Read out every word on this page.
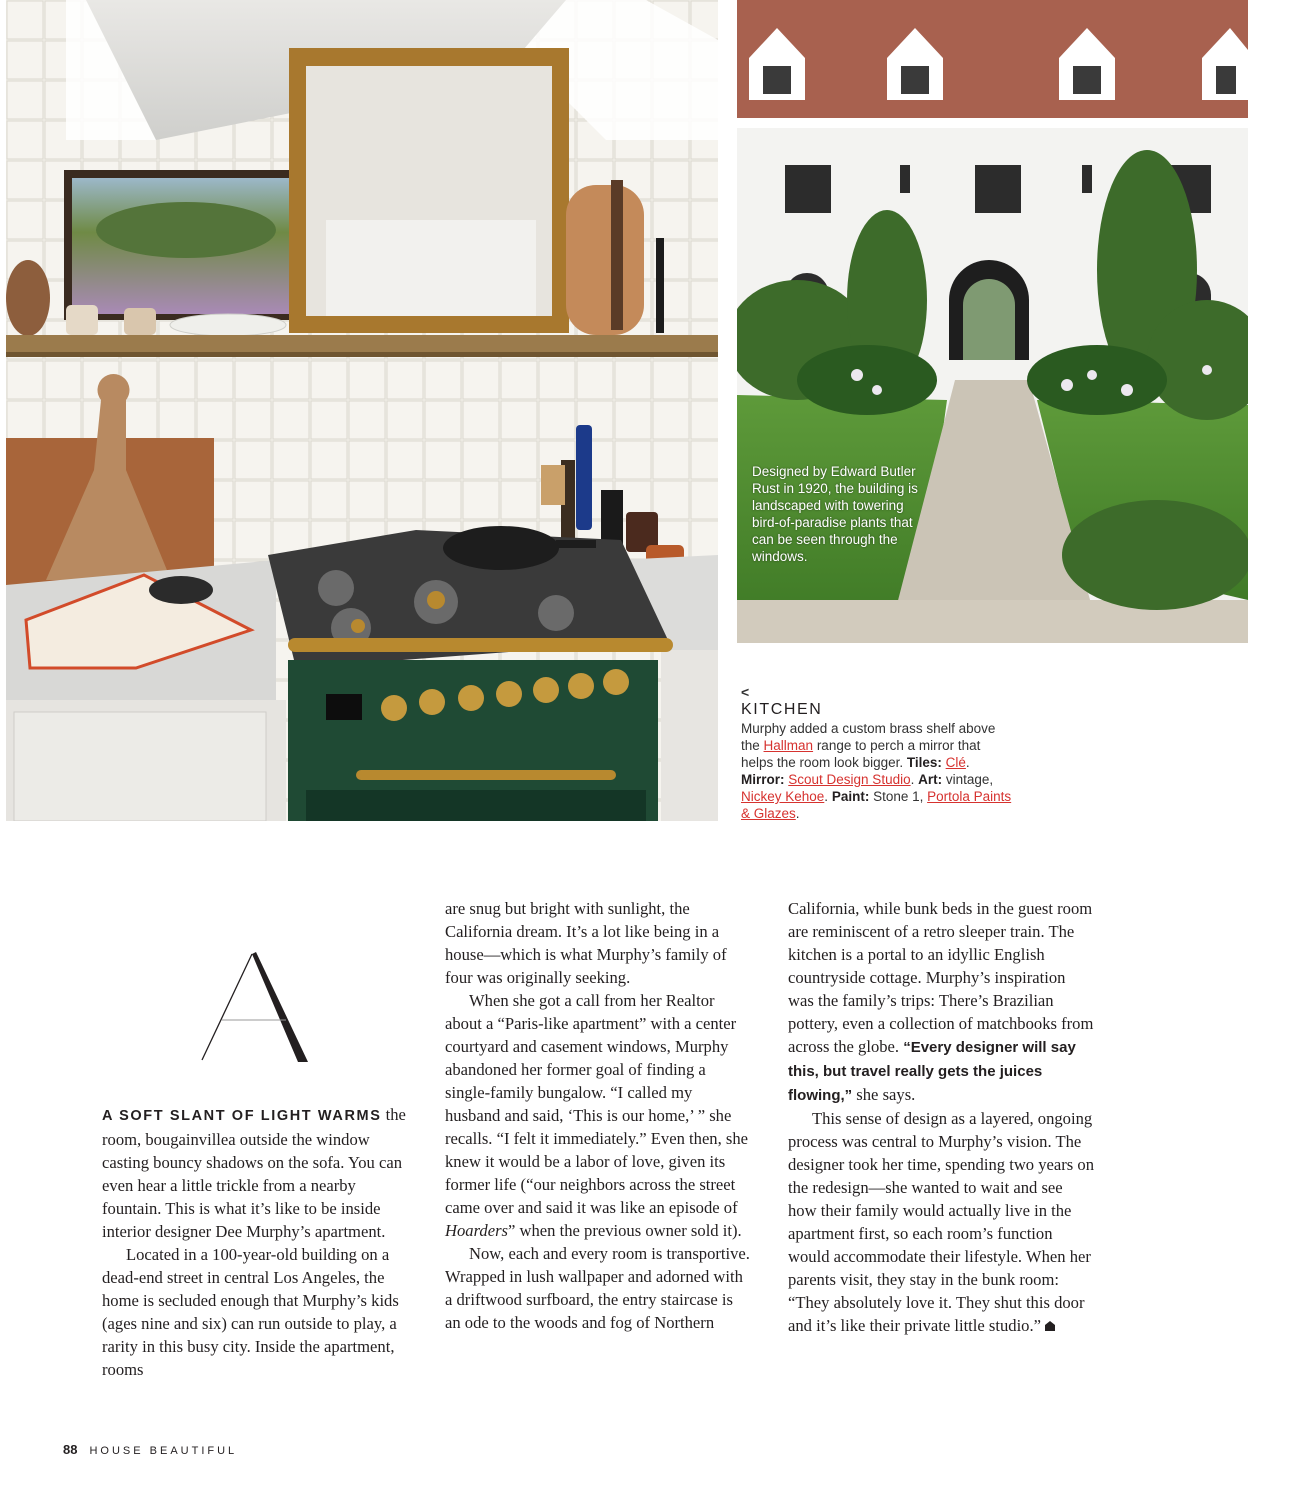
Designed by Edward Butler Rust in 1920, the building is landscaped with towering bird-of-paradise plants that can be seen through the windows.
<
KITCHEN
Murphy added a custom brass shelf above the Hallman range to perch a mirror that helps the room look bigger. Tiles: Clé. Mirror: Scout Design Studio. Art: vintage, Nickey Kehoe. Paint: Stone 1, Portola Paints & Glazes.

A SOFT SLANT OF LIGHT WARMS the room, bougainvillea outside the window casting bouncy shadows on the sofa. You can even hear a little trickle from a nearby fountain. This is what it’s like to be inside interior designer Dee Murphy’s apartment.

Located in a 100-year-old building on a dead-end street in central Los Angeles, the home is secluded enough that Murphy’s kids (ages nine and six) can run outside to play, a rarity in this busy city. Inside the apartment, rooms

are snug but bright with sunlight, the California dream. It’s a lot like being in a house—which is what Murphy’s family of four was originally seeking.

When she got a call from her Realtor about a “Paris-like apartment” with a center courtyard and casement windows, Murphy abandoned her former goal of finding a single-family bungalow. “I called my husband and said, ‘This is our home,’ ” she recalls. “I felt it immediately.” Even then, she knew it would be a labor of love, given its former life (“our neighbors across the street came over and said it was like an episode of Hoarders” when the previous owner sold it).

Now, each and every room is transportive. Wrapped in lush wallpaper and adorned with a driftwood surfboard, the entry staircase is an ode to the woods and fog of Northern

California, while bunk beds in the guest room are reminiscent of a retro sleeper train. The kitchen is a portal to an idyllic English countryside cottage. Murphy’s inspiration was the family’s trips: There’s Brazilian pottery, even a collection of matchbooks from across the globe. “Every designer will say this, but travel really gets the juices flowing,” she says.

This sense of design as a layered, ongoing process was central to Murphy’s vision. The designer took her time, spending two years on the redesign—she wanted to wait and see how their family would actually live in the apartment first, so each room’s function would accommodate their lifestyle. When her parents visit, they stay in the bunk room: “They absolutely love it. They shut this door and it’s like their private little studio.”

88 HOUSE BEAUTIFUL
